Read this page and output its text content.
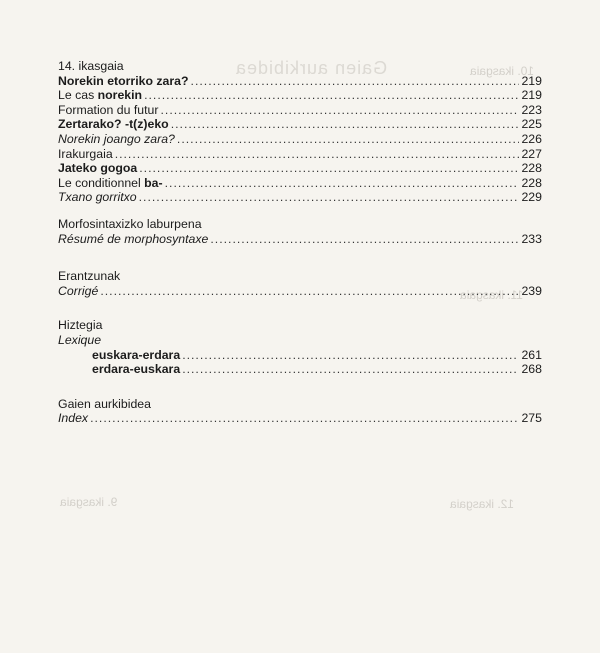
Gaien aurkibidea	10. ikasgaia
11. ikasgaia
12. ikasgaia
9. ikasgaia
14. ikasgaia
Norekin etorriko zara? .....	219
Le cas norekin .....	219
Formation du futur .....	223
Zertarako? -t(z)eko .....	225
Norekin joango zara? .....	226
Irakurgaia .....	227
Jateko gogoa .....	228
Le conditionnel ba- .....	228
Txano gorritxo .....	229
Morfosintaxizko laburpena
Résumé de morphosyntaxe .....	233
Erantzunak
Corrigé .....	239
Hiztegia
Lexique
euskara-erdara .....	261
erdara-euskara .....	268
Gaien aurkibidea
Index .....	275
